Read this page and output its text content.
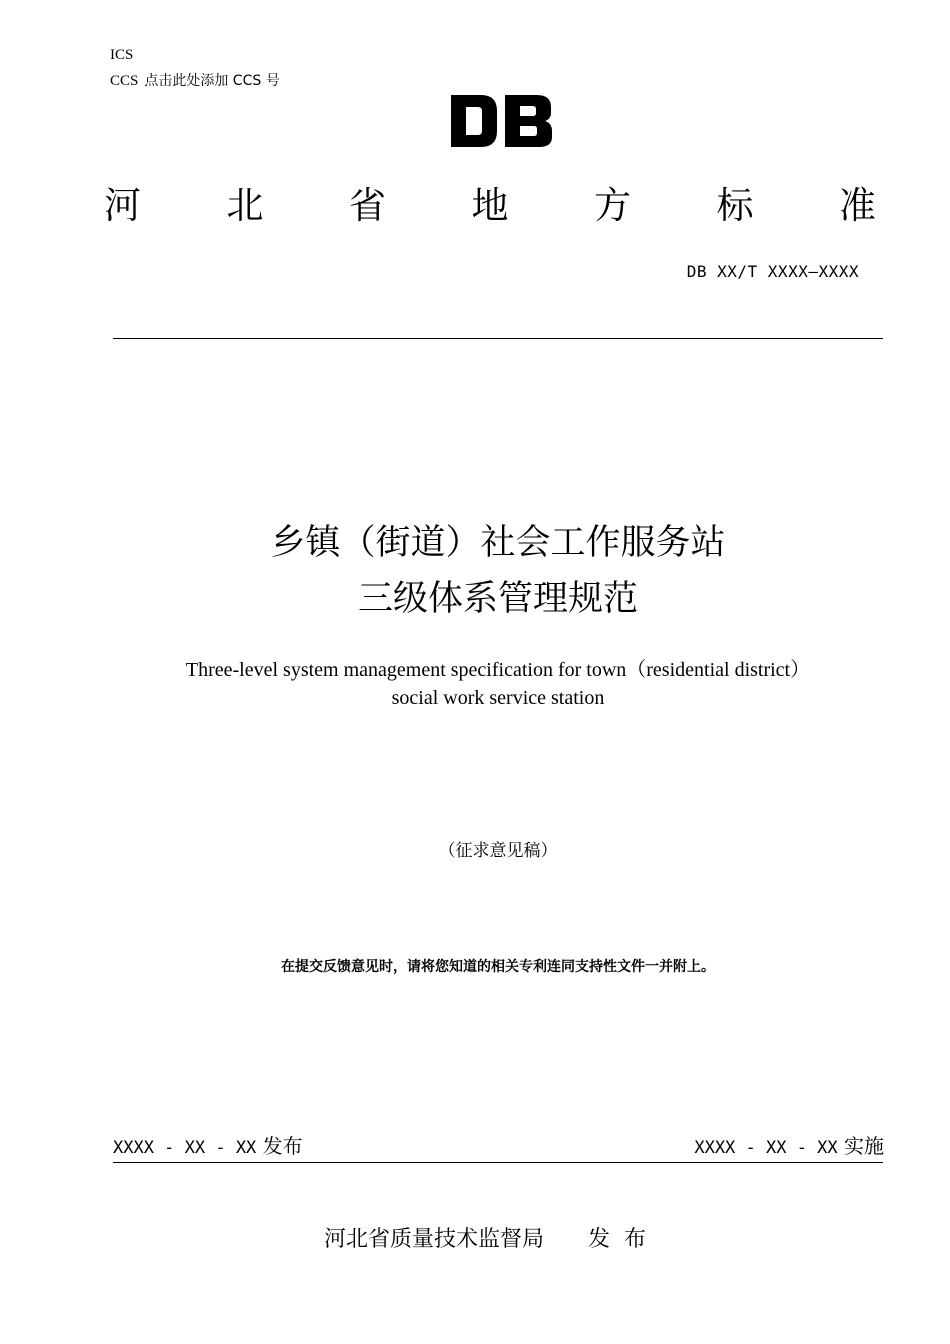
ICS
CCS 点击此处添加 CCS 号
河 北 省 地 方 标 准
DB XX/T XXXX—XXXX
乡镇（街道）社会工作服务站
三级体系管理规范
Three-level system management specification for town（residential district）
social work service station
（征求意见稿）
在提交反馈意见时，请将您知道的相关专利连同支持性文件一并附上。
XXXX - XX - XX 发布	XXXX - XX - XX 实施
河北省质量技术监督局 发布
